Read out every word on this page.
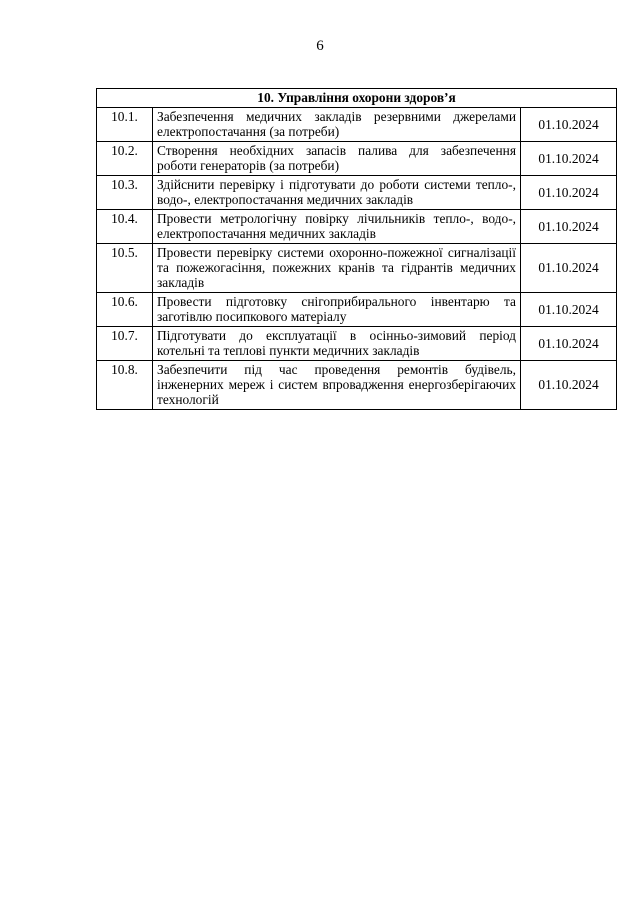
6
10. Управління охорони здоров’я		
10.1.	Забезпечення медичних закладів резервними джерелами електропостачання (за потреби)	01.10.2024
10.2.	Створення необхідних запасів палива для забезпечення роботи генераторів (за потреби)	01.10.2024
10.3.	Здійснити перевірку і підготувати до роботи системи тепло-, водо-, електропостачання медичних закладів	01.10.2024
10.4.	Провести метрологічну повірку лічильників тепло-, водо-, електропостачання медичних закладів	01.10.2024
10.5.	Провести перевірку системи охоронно-пожежної сигналізації та пожежогасіння, пожежних кранів та гідрантів медичних закладів	01.10.2024
10.6.	Провести підготовку снігоприбирального інвентарю та заготівлю посипкового матеріалу	01.10.2024
10.7.	Підготувати до експлуатації в осінньо-зимовий період котельні та теплові пункти медичних закладів	01.10.2024
10.8.	Забезпечити під час проведення ремонтів будівель, інженерних мереж і систем впровадження енергозберігаючих технологій	01.10.2024
